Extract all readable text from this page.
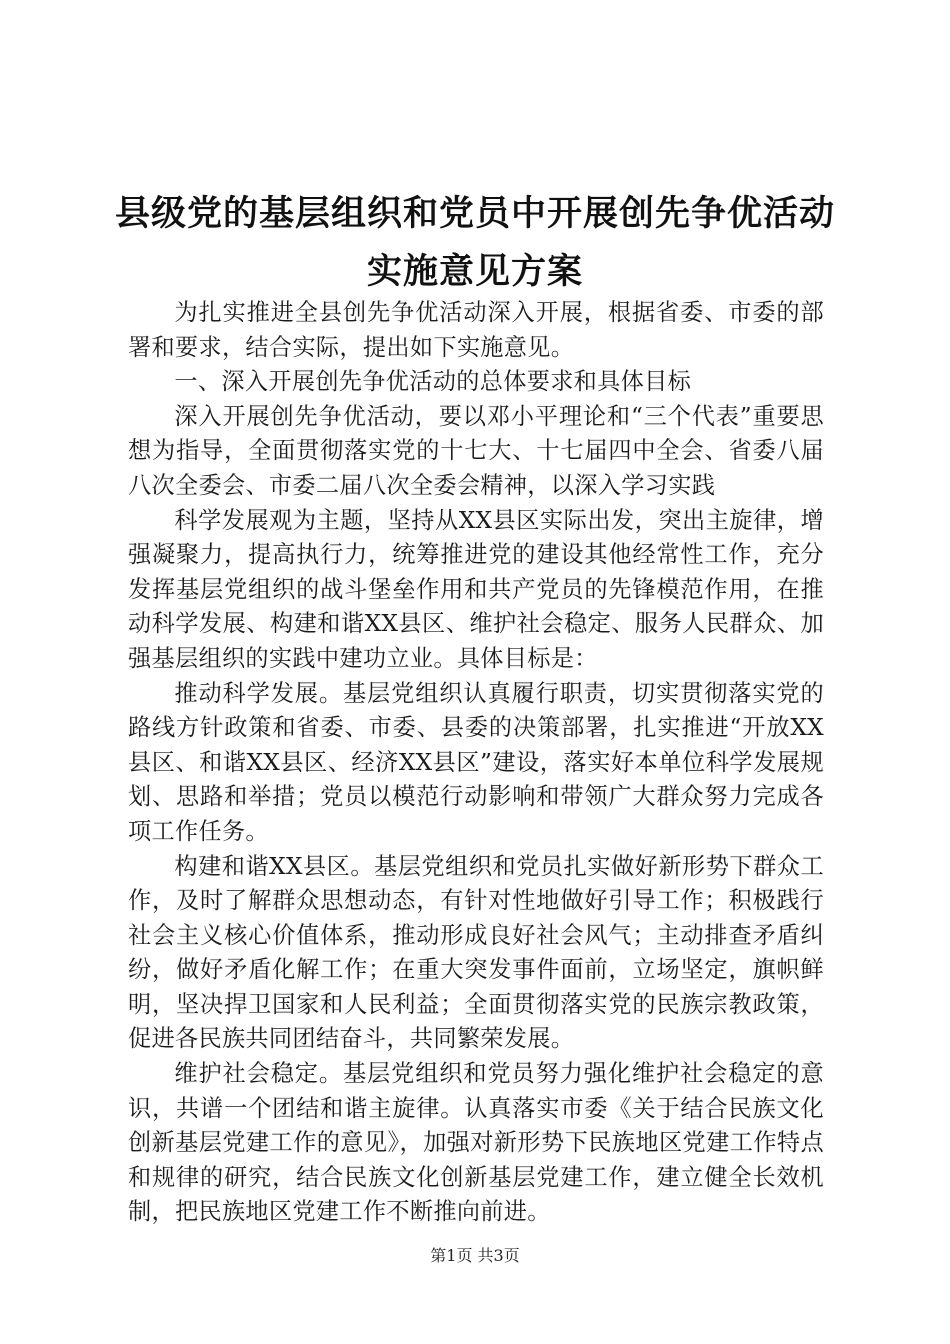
县级党的基层组织和党员中开展创先争优活动
实施意见方案

为扎实推进全县创先争优活动深入开展，根据省委、市委的部署和要求，结合实际，提出如下实施意见。

一、深入开展创先争优活动的总体要求和具体目标

深入开展创先争优活动，要以邓小平理论和“三个代表”重要思想为指导，全面贯彻落实党的十七大、十七届四中全会、省委八届八次全委会、市委二届八次全委会精神，以深入学习实践

科学发展观为主题，坚持从XX县区实际出发，突出主旋律，增强凝聚力，提高执行力，统筹推进党的建设其他经常性工作，充分发挥基层党组织的战斗堡垒作用和共产党员的先锋模范作用，在推动科学发展、构建和谐XX县区、维护社会稳定、服务人民群众、加强基层组织的实践中建功立业。具体目标是：

推动科学发展。基层党组织认真履行职责，切实贯彻落实党的路线方针政策和省委、市委、县委的决策部署，扎实推进“开放XX县区、和谐XX县区、经济XX县区”建设，落实好本单位科学发展规划、思路和举措；党员以模范行动影响和带领广大群众努力完成各项工作任务。

构建和谐XX县区。基层党组织和党员扎实做好新形势下群众工作，及时了解群众思想动态，有针对性地做好引导工作；积极践行社会主义核心价值体系，推动形成良好社会风气；主动排查矛盾纠纷，做好矛盾化解工作；在重大突发事件面前，立场坚定，旗帜鲜明，坚决捍卫国家和人民利益；全面贯彻落实党的民族宗教政策，促进各民族共同团结奋斗，共同繁荣发展。

维护社会稳定。基层党组织和党员努力强化维护社会稳定的意识，共谱一个团结和谐主旋律。认真落实市委《关于结合民族文化创新基层党建工作的意见》，加强对新形势下民族地区党建工作特点和规律的研究，结合民族文化创新基层党建工作，建立健全长效机制，把民族地区党建工作不断推向前进。

第1页 共3页
